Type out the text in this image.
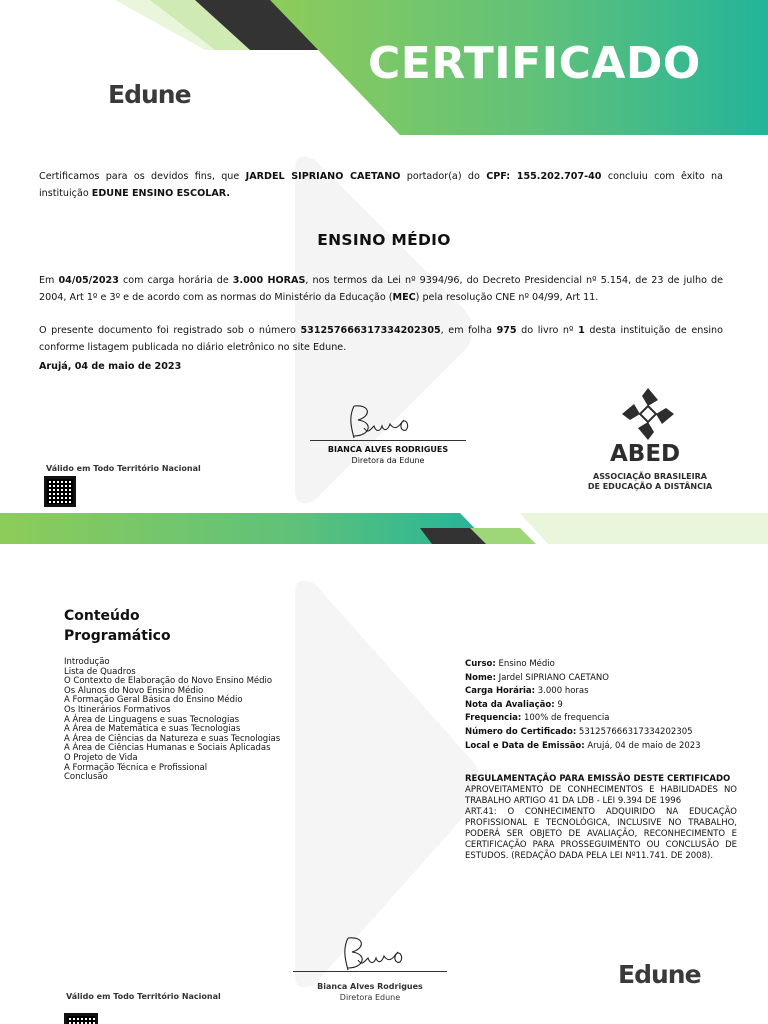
Edune
CERTIFICADO

Certificamos para os devidos fins, que JARDEL SIPRIANO CAETANO portador(a) do CPF: 155.202.707-40 concluiu com êxito na instituição EDUNE ENSINO ESCOLAR.

ENSINO MÉDIO

Em 04/05/2023 com carga horária de 3.000 HORAS, nos termos da Lei nº 9394/96, do Decreto Presidencial nº 5.154, de 23 de julho de 2004, Art 1º e 3º e de acordo com as normas do Ministério da Educação (MEC) pela resolução CNE nº 04/99, Art 11.

O presente documento foi registrado sob o número 531257666317334202305, em folha 975 do livro nº 1 desta instituição de ensino conforme listagem publicada no diário eletrônico no site Edune.

Arujá, 04 de maio de 2023
BIANCA ALVES RODRIGUES
Diretora da Edune
Válido em Todo Território Nacional
ABED
ASSOCIAÇÃO BRASILEIRA
DE EDUCAÇÃO A DISTÂNCIA
Conteúdo
Programático
Introdução
Lista de Quadros
O Contexto de Elaboração do Novo Ensino Médio
Os Alunos do Novo Ensino Médio
A Formação Geral Básica do Ensino Médio
Os Itinerários Formativos
A Área de Linguagens e suas Tecnologias
A Área de Matemática e suas Tecnologias
A Área de Ciências da Natureza e suas Tecnologias
A Área de Ciências Humanas e Sociais Aplicadas
O Projeto de Vida
A Formação Técnica e Profissional
Conclusão
Curso: Ensino Médio
Nome: Jardel SIPRIANO CAETANO
Carga Horária: 3.000 horas
Nota da Avaliação: 9
Frequencia: 100% de frequencia
Número do Certificado: 531257666317334202305
Local e Data de Emissão: Arujá, 04 de maio de 2023
REGULAMENTAÇÃO PARA EMISSÃO DESTE CERTIFICADO
APROVEITAMENTO DE CONHECIMENTOS E HABILIDADES NO TRABALHO ARTIGO 41 DA LDB - LEI 9.394 DE 1996
ART.41: O CONHECIMENTO ADQUIRIDO NA EDUCAÇÃO PROFISSIONAL E TECNOLÓGICA, INCLUSIVE NO TRABALHO, PODERÁ SER OBJETO DE AVALIAÇÃO, RECONHECIMENTO E CERTIFICAÇÃO PARA PROSSEGUIMENTO OU CONCLUSÃO DE ESTUDOS. (REDAÇÃO DADA PELA LEI Nº11.741. DE 2008).
Bianca Alves Rodrigues
Diretora Edune
Válido em Todo Território Nacional
Edune
